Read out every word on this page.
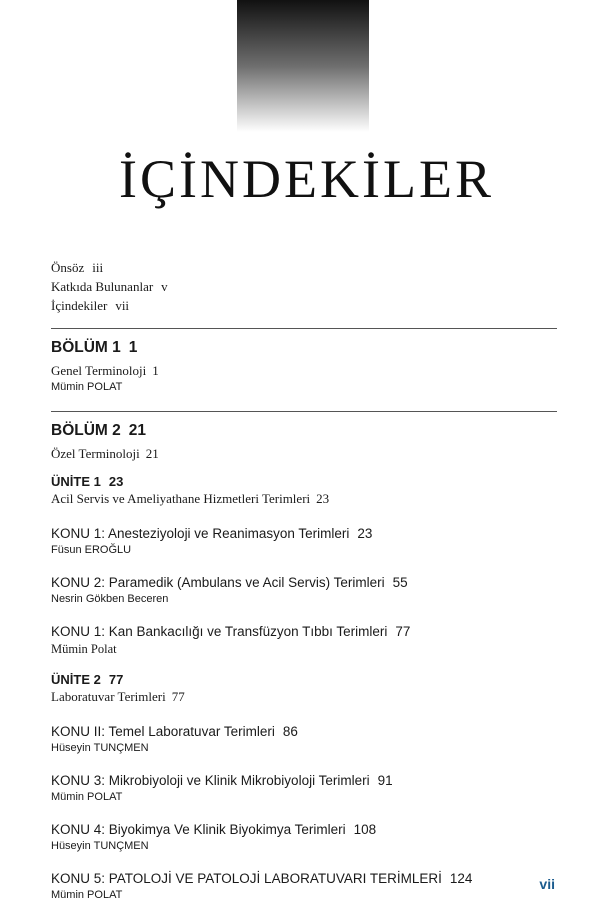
İÇİNDEKİLER
Önsöz iii
Katkıda Bulunanlar v
İçindekiler vii
BÖLÜM 1 1
Genel Terminoloji 1
Mümin POLAT
BÖLÜM 2 21
Özel Terminoloji 21
ÜNİTE 1 23
Acil Servis ve Ameliyathane Hizmetleri Terimleri 23
KONU 1: Anesteziyoloji ve Reanimasyon Terimleri 23
Füsun EROĞLU
KONU 2: Paramedik (Ambulans ve Acil Servis) Terimleri 55
Nesrin Gökben Beceren
KONU 1: Kan Bankacılığı ve Transfüzyon Tıbbı Terimleri 77
Mümin Polat
ÜNİTE 2 77
Laboratuvar Terimleri 77
KONU II: Temel Laboratuvar Terimleri 86
Hüseyin TUNÇMEN
KONU 3: Mikrobiyoloji ve Klinik Mikrobiyoloji Terimleri 91
Mümin POLAT
KONU 4: Biyokimya Ve Klinik Biyokimya Terimleri 108
Hüseyin TUNÇMEN
KONU 5: PATOLOJİ VE PATOLOJİ LABORATUVARI TERİMLERİ 124
Mümin POLAT
vii
